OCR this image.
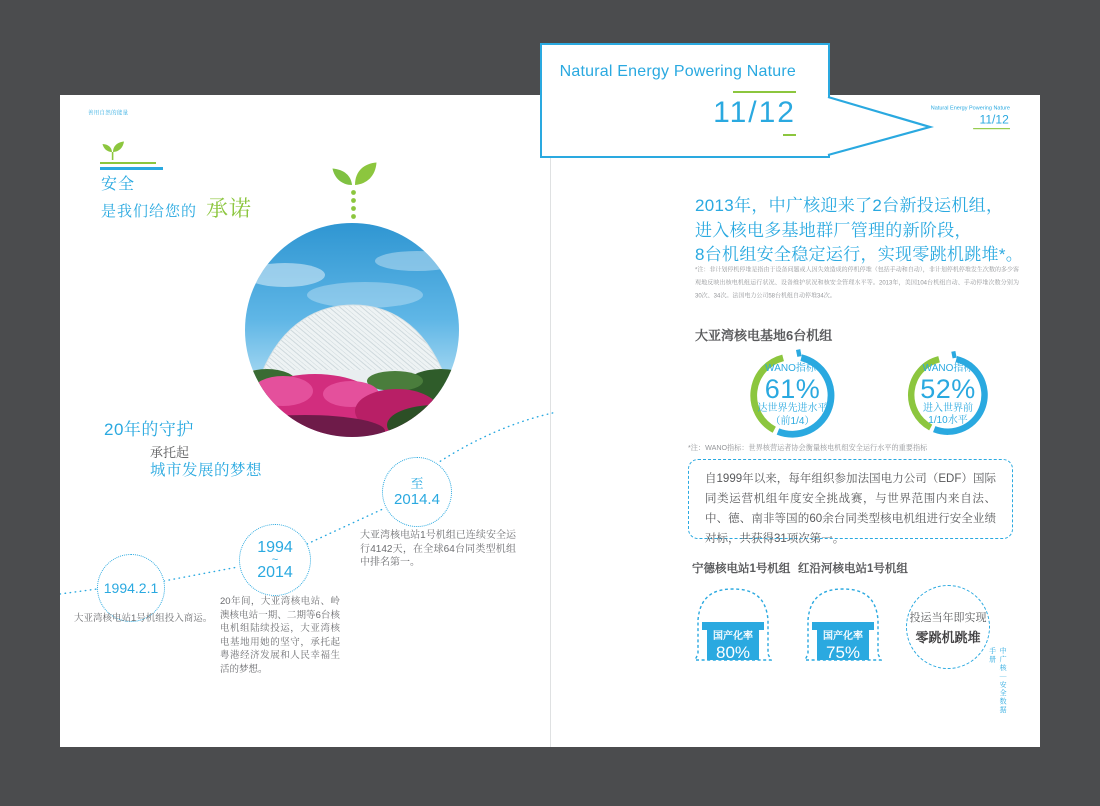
善用自然的能量
安全
是我们给您的 承诺
20年的守护
承托起
城市发展的梦想
1994.2.1
1994
~
2014
至
2014.4
大亚湾核电站1号机组投入商运。
20年间，大亚湾核电站、岭澳核电站一期、二期等6台核电机组陆续投运，大亚湾核电基地用她的坚守，承托起粤港经济发展和人民幸福生活的梦想。
大亚湾核电站1号机组已连续安全运行4142天，在全球64台同类型机组中排名第一。
Natural Energy Powering Nature
11/12
2013年，中广核迎来了2台新投运机组，
进入核电多基地群厂管理的新阶段，
8台机组安全稳定运行，实现零跳机跳堆*。
*注：非计划停机停堆是指由于设备问题或人因失效造成的停机停堆（包括手动和自动），非计划停机停堆发生次数的多少客观地反映出核电机组运行状况、设备维护状况和核安全管理水平等。2013年，美国104台机组自动、手动停堆次数分别为30次、34次。法国电力公司58台机组自动停堆34次。
大亚湾核电基地6台机组
WANO指标*
61%
达世界先进水平
（前1/4）
WANO指标
52%
进入世界前
1/10水平
*注：WANO指标：世界核营运者协会衡量核电机组安全运行水平的重要指标
自1999年以来，每年组织参加法国电力公司（EDF）国际同类运营机组年度安全挑战赛，与世界范围内来自法、中、德、南非等国的60余台同类型核电机组进行安全业绩对标，共获得31项次第一。
宁德核电站1号机组 红沿河核电站1号机组
国产化率
80%
国产化率
75%
投运当年即实现
零跳机跳堆
中广核｜安全数据手册
Natural Energy Powering Nature
11/12
